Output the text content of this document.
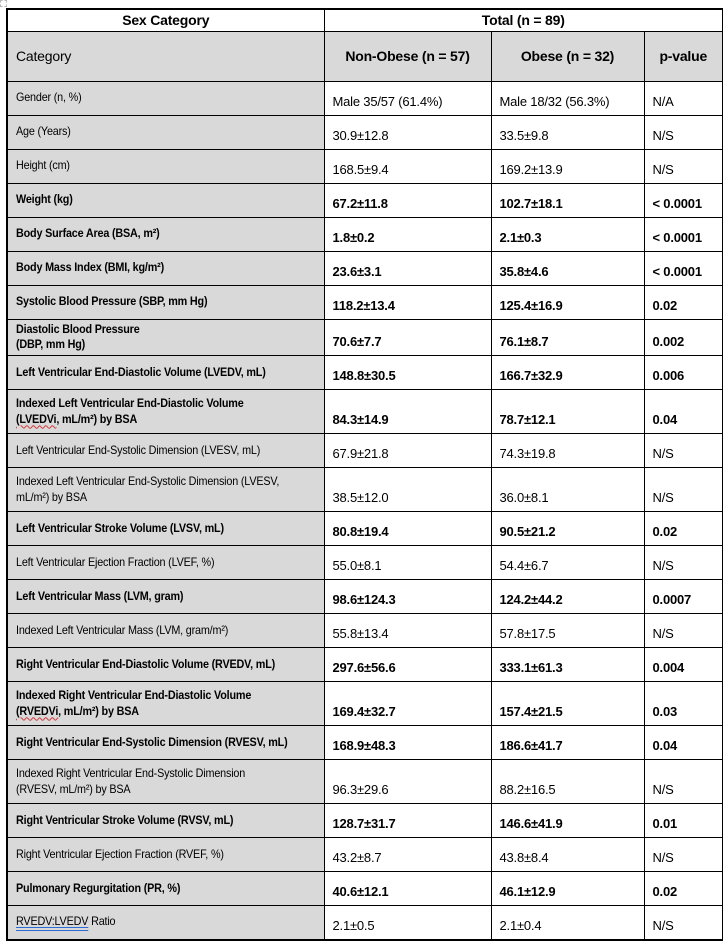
Sex Category	Total (n = 89)		
Category	Non-Obese (n = 57)	Obese (n = 32)	p-value

Gender (n, %)	Male 35/57 (61.4%)	Male 18/32 (56.3%)	N/A

Age (Years)	30.9±12.8	33.5±9.8	N/S

Height (cm)	168.5±9.4	169.2±13.9	N/S

Weight (kg)	67.2±11.8	102.7±18.1	< 0.0001

Body Surface Area (BSA, m²)	1.8±0.2	2.1±0.3	< 0.0001

Body Mass Index (BMI, kg/m²)	23.6±3.1	35.8±4.6	< 0.0001

Systolic Blood Pressure (SBP, mm Hg)	118.2±13.4	125.4±16.9	0.02

Diastolic Blood Pressure
(DBP, mm Hg)	70.6±7.7	76.1±8.7	0.002

Left Ventricular End-Diastolic Volume (LVEDV, mL)	148.8±30.5	166.7±32.9	0.006

Indexed Left Ventricular End-Diastolic Volume
(LVEDVi, mL/m²) by BSA	84.3±14.9	78.7±12.1	0.04

Left Ventricular End-Systolic Dimension (LVESV, mL)	67.9±21.8	74.3±19.8	N/S

Indexed Left Ventricular End-Systolic Dimension (LVESV,
mL/m²) by BSA	38.5±12.0	36.0±8.1	N/S

Left Ventricular Stroke Volume (LVSV, mL)	80.8±19.4	90.5±21.2	0.02

Left Ventricular Ejection Fraction (LVEF, %)	55.0±8.1	54.4±6.7	N/S

Left Ventricular Mass (LVM, gram)	98.6±124.3	124.2±44.2	0.0007

Indexed Left Ventricular Mass (LVM, gram/m²)	55.8±13.4	57.8±17.5	N/S

Right Ventricular End-Diastolic Volume (RVEDV, mL)	297.6±56.6	333.1±61.3	0.004

Indexed Right Ventricular End-Diastolic Volume
(RVEDVi, mL/m²) by BSA	169.4±32.7	157.4±21.5	0.03

Right Ventricular End-Systolic Dimension (RVESV, mL)	168.9±48.3	186.6±41.7	0.04

Indexed Right Ventricular End-Systolic Dimension
(RVESV, mL/m²) by BSA	96.3±29.6	88.2±16.5	N/S

Right Ventricular Stroke Volume (RVSV, mL)	128.7±31.7	146.6±41.9	0.01

Right Ventricular Ejection Fraction (RVEF, %)	43.2±8.7	43.8±8.4	N/S

Pulmonary Regurgitation (PR, %)	40.6±12.1	46.1±12.9	0.02

RVEDV:LVEDV Ratio	2.1±0.5	2.1±0.4	N/S
